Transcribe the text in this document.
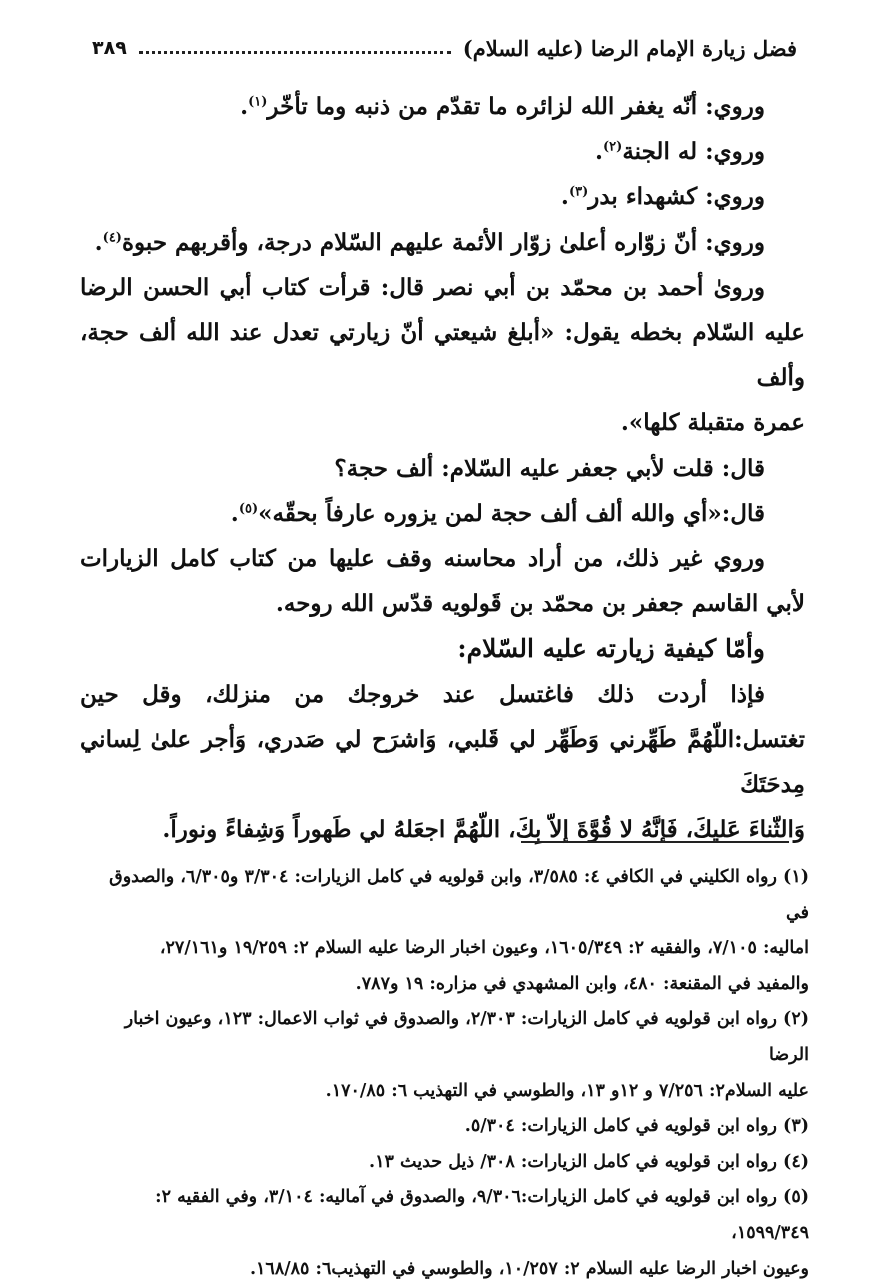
فضل زيارة الإمام الرضا (عليه السلام)
٣٨٩

وروي: أنّه يغفر الله لزائره ما تقدّم من ذنبه وما تأخّر$^{(١)}$.

وروي: له الجنة$^{(٢)}$.

وروي: كشهداء بدر$^{(٣)}$.

وروي: أنّ زوّاره أعلىٰ زوّار الأئمة عليهم السّلام درجة، وأقربهم حبوة$^{(٤)}$.

وروىٰ أحمد بن محمّد بن أبي نصر قال: قرأت كتاب أبي الحسن الرضا

عليه السّلام بخطه يقول: «أبلغ شيعتي أنّ زيارتي تعدل عند الله ألف حجة، وألف

عمرة متقبلة كلها».

قال: قلت لأبي جعفر عليه السّلام: ألف حجة؟

قال:«أي والله ألف ألف حجة لمن يزوره عارفاً بحقّه»$^{(٥)}$.

وروي غير ذلك، من أراد محاسنه وقف عليها من كتاب كامل الزيارات

لأبي القاسم جعفر بن محمّد بن قَولويه قدّس الله روحه.

وأمّا كيفية زيارته عليه السّلام:

فإذا أردت ذلك فاغتسل عند خروجك من منزلك، وقل حين

تغتسل:اللّهُمَّ طَهِّرني وَطَهِّر لي قَلبي، وَاشرَح لي صَدري، وَأجر علىٰ لِساني مِدحَتَكَ

وَالثّناءَ عَليكَ، فَإنَّهُ لا قُوَّةَ إلاّ بِكَ، اللّهُمَّ اجعَلهُ لي طَهوراً وَشِفاءً ونوراً.

(١) رواه الكليني في الكافي ٤: ٣/٥٨٥، وابن قولويه في كامل الزيارات: ٣/٣٠٤ و٦/٣٠٥، والصدوق في

اماليه: ٧/١٠٥، والفقيه ٢: ١٦٠٥/٣٤٩، وعيون اخبار الرضا عليه السلام ٢: ١٩/٢٥٩ و٢٧/١٦١،

والمفيد في المقنعة: ٤٨٠، وابن المشهدي في مزاره: ١٩ و٧٨٧.

(٢) رواه ابن قولويه في كامل الزيارات: ٢/٣٠٣، والصدوق في ثواب الاعمال: ١٢٣، وعيون اخبار الرضا

عليه السلام٢: ٧/٢٥٦ و ١٢و ١٣، والطوسي في التهذيب ٦: ١٧٠/٨٥.

(٣) رواه ابن قولويه في كامل الزيارات: ٥/٣٠٤.

(٤) رواه ابن قولويه في كامل الزيارات: ٣٠٨/ ذيل حديث ١٣.

(٥) رواه ابن قولويه في كامل الزيارات:٩/٣٠٦، والصدوق في آماليه: ٣/١٠٤، وفي الفقيه ٢: ١٥٩٩/٣٤٩،

وعيون اخبار الرضا عليه السلام ٢: ١٠/٢٥٧، والطوسي في التهذيب٦: ١٦٨/٨٥.
